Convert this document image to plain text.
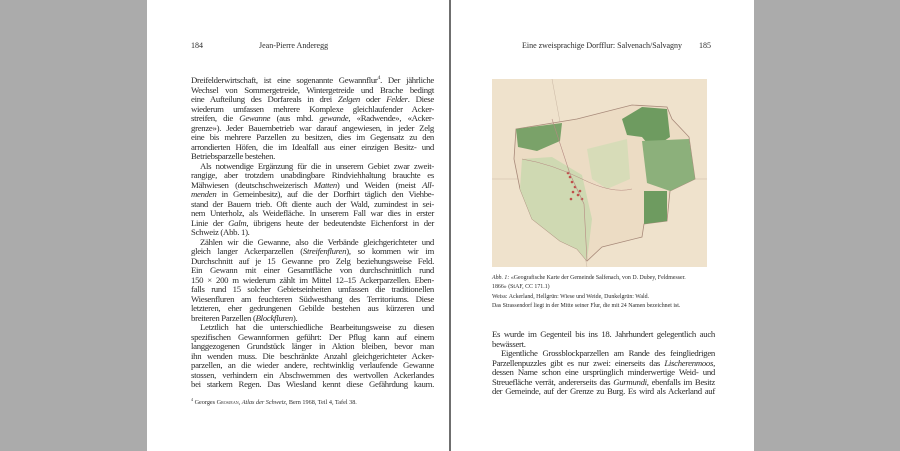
184	Jean-Pierre Anderegg
Dreifelderwirtschaft, ist eine sogenannte Gewannflur$^4$. Der jährliche
Wechsel von Sommergetreide, Wintergetreide und Brache bedingt
eine Aufteilung des Dorfareals in drei Zelgen oder Felder. Diese
wiederum umfassen mehrere Komplexe gleichlaufender Acker-
streifen, die Gewanne (aus mhd. gewande, «Radwende», «Acker-
grenze»). Jeder Bauernbetrieb war darauf angewiesen, in jeder Zelg
eine bis mehrere Parzellen zu besitzen, dies im Gegensatz zu den
arrondierten Höfen, die im Idealfall aus einer einzigen Besitz- und
Betriebsparzelle bestehen.
Als notwendige Ergänzung für die in unserem Gebiet zwar zweit-
rangige, aber trotzdem unabdingbare Rindviehhaltung brauchte es
Mähwiesen (deutschschweizerisch Matten) und Weiden (meist All-
menden in Gemeinbesitz), auf die der Dorfhirt täglich den Viehbe-
stand der Bauern trieb. Oft diente auch der Wald, zumindest in sei-
nem Unterholz, als Weidefläche. In unserem Fall war dies in erster
Linie der Galm, übrigens heute der bedeutendste Eichenforst in der
Schweiz (Abb. 1).
Zählen wir die Gewanne, also die Verbände gleichgerichteter und
gleich langer Ackerparzellen (Streifenfluren), so kommen wir im
Durchschnitt auf je 15 Gewanne pro Zelg beziehungsweise Feld.
Ein Gewann mit einer Gesamtfläche von durchschnittlich rund
150 × 200 m wiederum zählt im Mittel 12–15 Ackerparzellen. Eben-
falls rund 15 solcher Gebietseinheiten umfassen die traditionellen
Wiesenfluren am feuchteren Südwesthang des Territoriums. Diese
letzteren, eher gedrungenen Gebilde bestehen aus kürzeren und
breiteren Parzellen (Blockfluren).
Letztlich hat die unterschiedliche Bearbeitungsweise zu diesen
spezifischen Gewannformen geführt: Der Pflug kann auf einem
langgezogenen Grundstück länger in Aktion bleiben, bevor man
ihn wenden muss. Die beschränkte Anzahl gleichgerichteter Acker-
parzellen, an die wieder andere, rechtwinklig verlaufende Gewanne
stossen, verhindern ein Abschwemmen des wertvollen Ackerlandes
bei starkem Regen. Das Wiesland kennt diese Gefährdung kaum.
$^4$ Georges Grosjean, Atlas der Schweiz, Bern 1968, Teil 4, Tafel 38.
Eine zweisprachige Dorfflur: Salvenach/Salvagny 185
Abb. 1: «Geografische Karte der Gemeinde Salfenach, von D. Dubey, Feldmesser.
1866» (StAF, CC 171.1)
Weiss: Ackerland, Hellgrün: Wiese und Weide, Dunkelgrün: Wald.
Das Strassendorf liegt in der Mitte seiner Flur, die mit 24 Namen bezeichnet ist.
Es wurde im Gegenteil bis ins 18. Jahrhundert gelegentlich auch
bewässert.
Eigentliche Grossblockparzellen am Rande des feingliedrigen
Parzellenpuzzles gibt es nur zwei: einerseits das Lischerenmoos,
dessen Name schon eine ursprünglich minderwertige Weid- und
Streuefläche verrät, andererseits das Gurmundi, ebenfalls im Besitz
der Gemeinde, auf der Grenze zu Burg. Es wird als Ackerland auf
